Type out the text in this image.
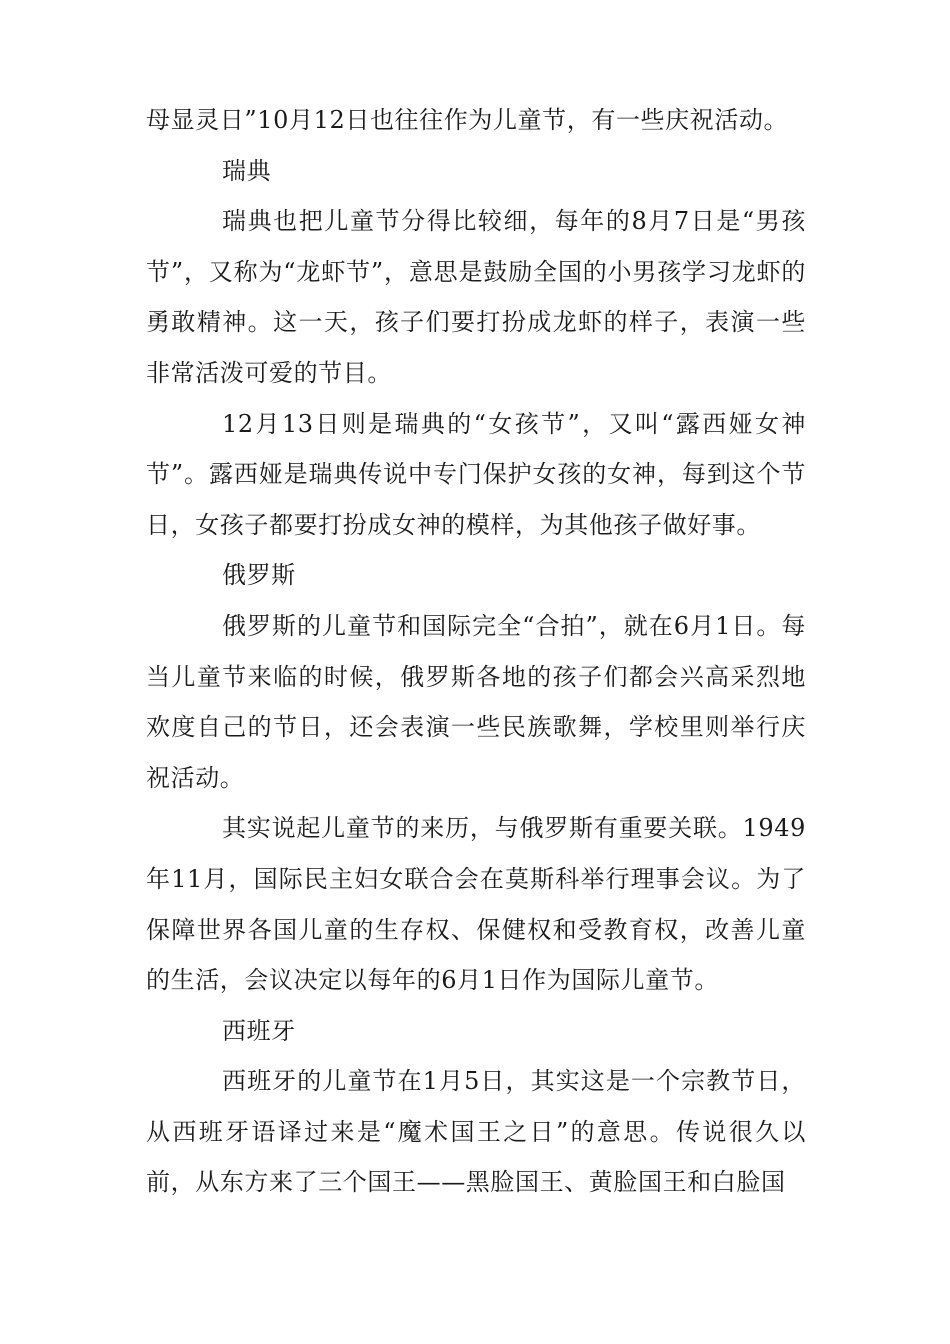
母显灵日”10月12日也往往作为儿童节，有一些庆祝活动。

瑞典

瑞典也把儿童节分得比较细，每年的8月7日是“男孩节”，又称为“龙虾节”，意思是鼓励全国的小男孩学习龙虾的勇敢精神。这一天，孩子们要打扮成龙虾的样子，表演一些非常活泼可爱的节目。

12月13日则是瑞典的“女孩节”，又叫“露西娅女神节”。露西娅是瑞典传说中专门保护女孩的女神，每到这个节日，女孩子都要打扮成女神的模样，为其他孩子做好事。

俄罗斯

俄罗斯的儿童节和国际完全“合拍”，就在6月1日。每当儿童节来临的时候，俄罗斯各地的孩子们都会兴高采烈地欢度自己的节日，还会表演一些民族歌舞，学校里则举行庆祝活动。

其实说起儿童节的来历，与俄罗斯有重要关联。1949年11月，国际民主妇女联合会在莫斯科举行理事会议。为了保障世界各国儿童的生存权、保健权和受教育权，改善儿童的生活，会议决定以每年的6月1日作为国际儿童节。

西班牙

西班牙的儿童节在1月5日，其实这是一个宗教节日，从西班牙语译过来是“魔术国王之日”的意思。传说很久以前，从东方来了三个国王——黑脸国王、黄脸国王和白脸国
